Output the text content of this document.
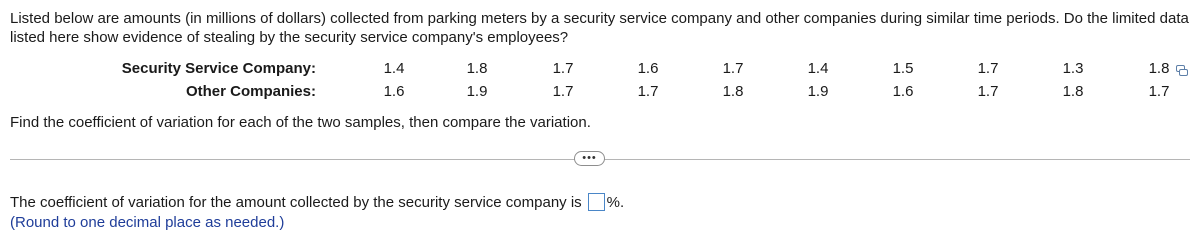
Listed below are amounts (in millions of dollars) collected from parking meters by a security service company and other companies during similar time periods. Do the limited data listed here show evidence of stealing by the security service company's employees?
Security Service Company:	1.4	1.8	1.7	1.6	1.7	1.4	1.5	1.7	1.3	1.8
Other Companies:	1.6	1.9	1.7	1.7	1.8	1.9	1.6	1.7	1.8	1.7
Find the coefficient of variation for each of the two samples, then compare the variation.
•••
The coefficient of variation for the amount collected by the security service company is %.
(Round to one decimal place as needed.)
